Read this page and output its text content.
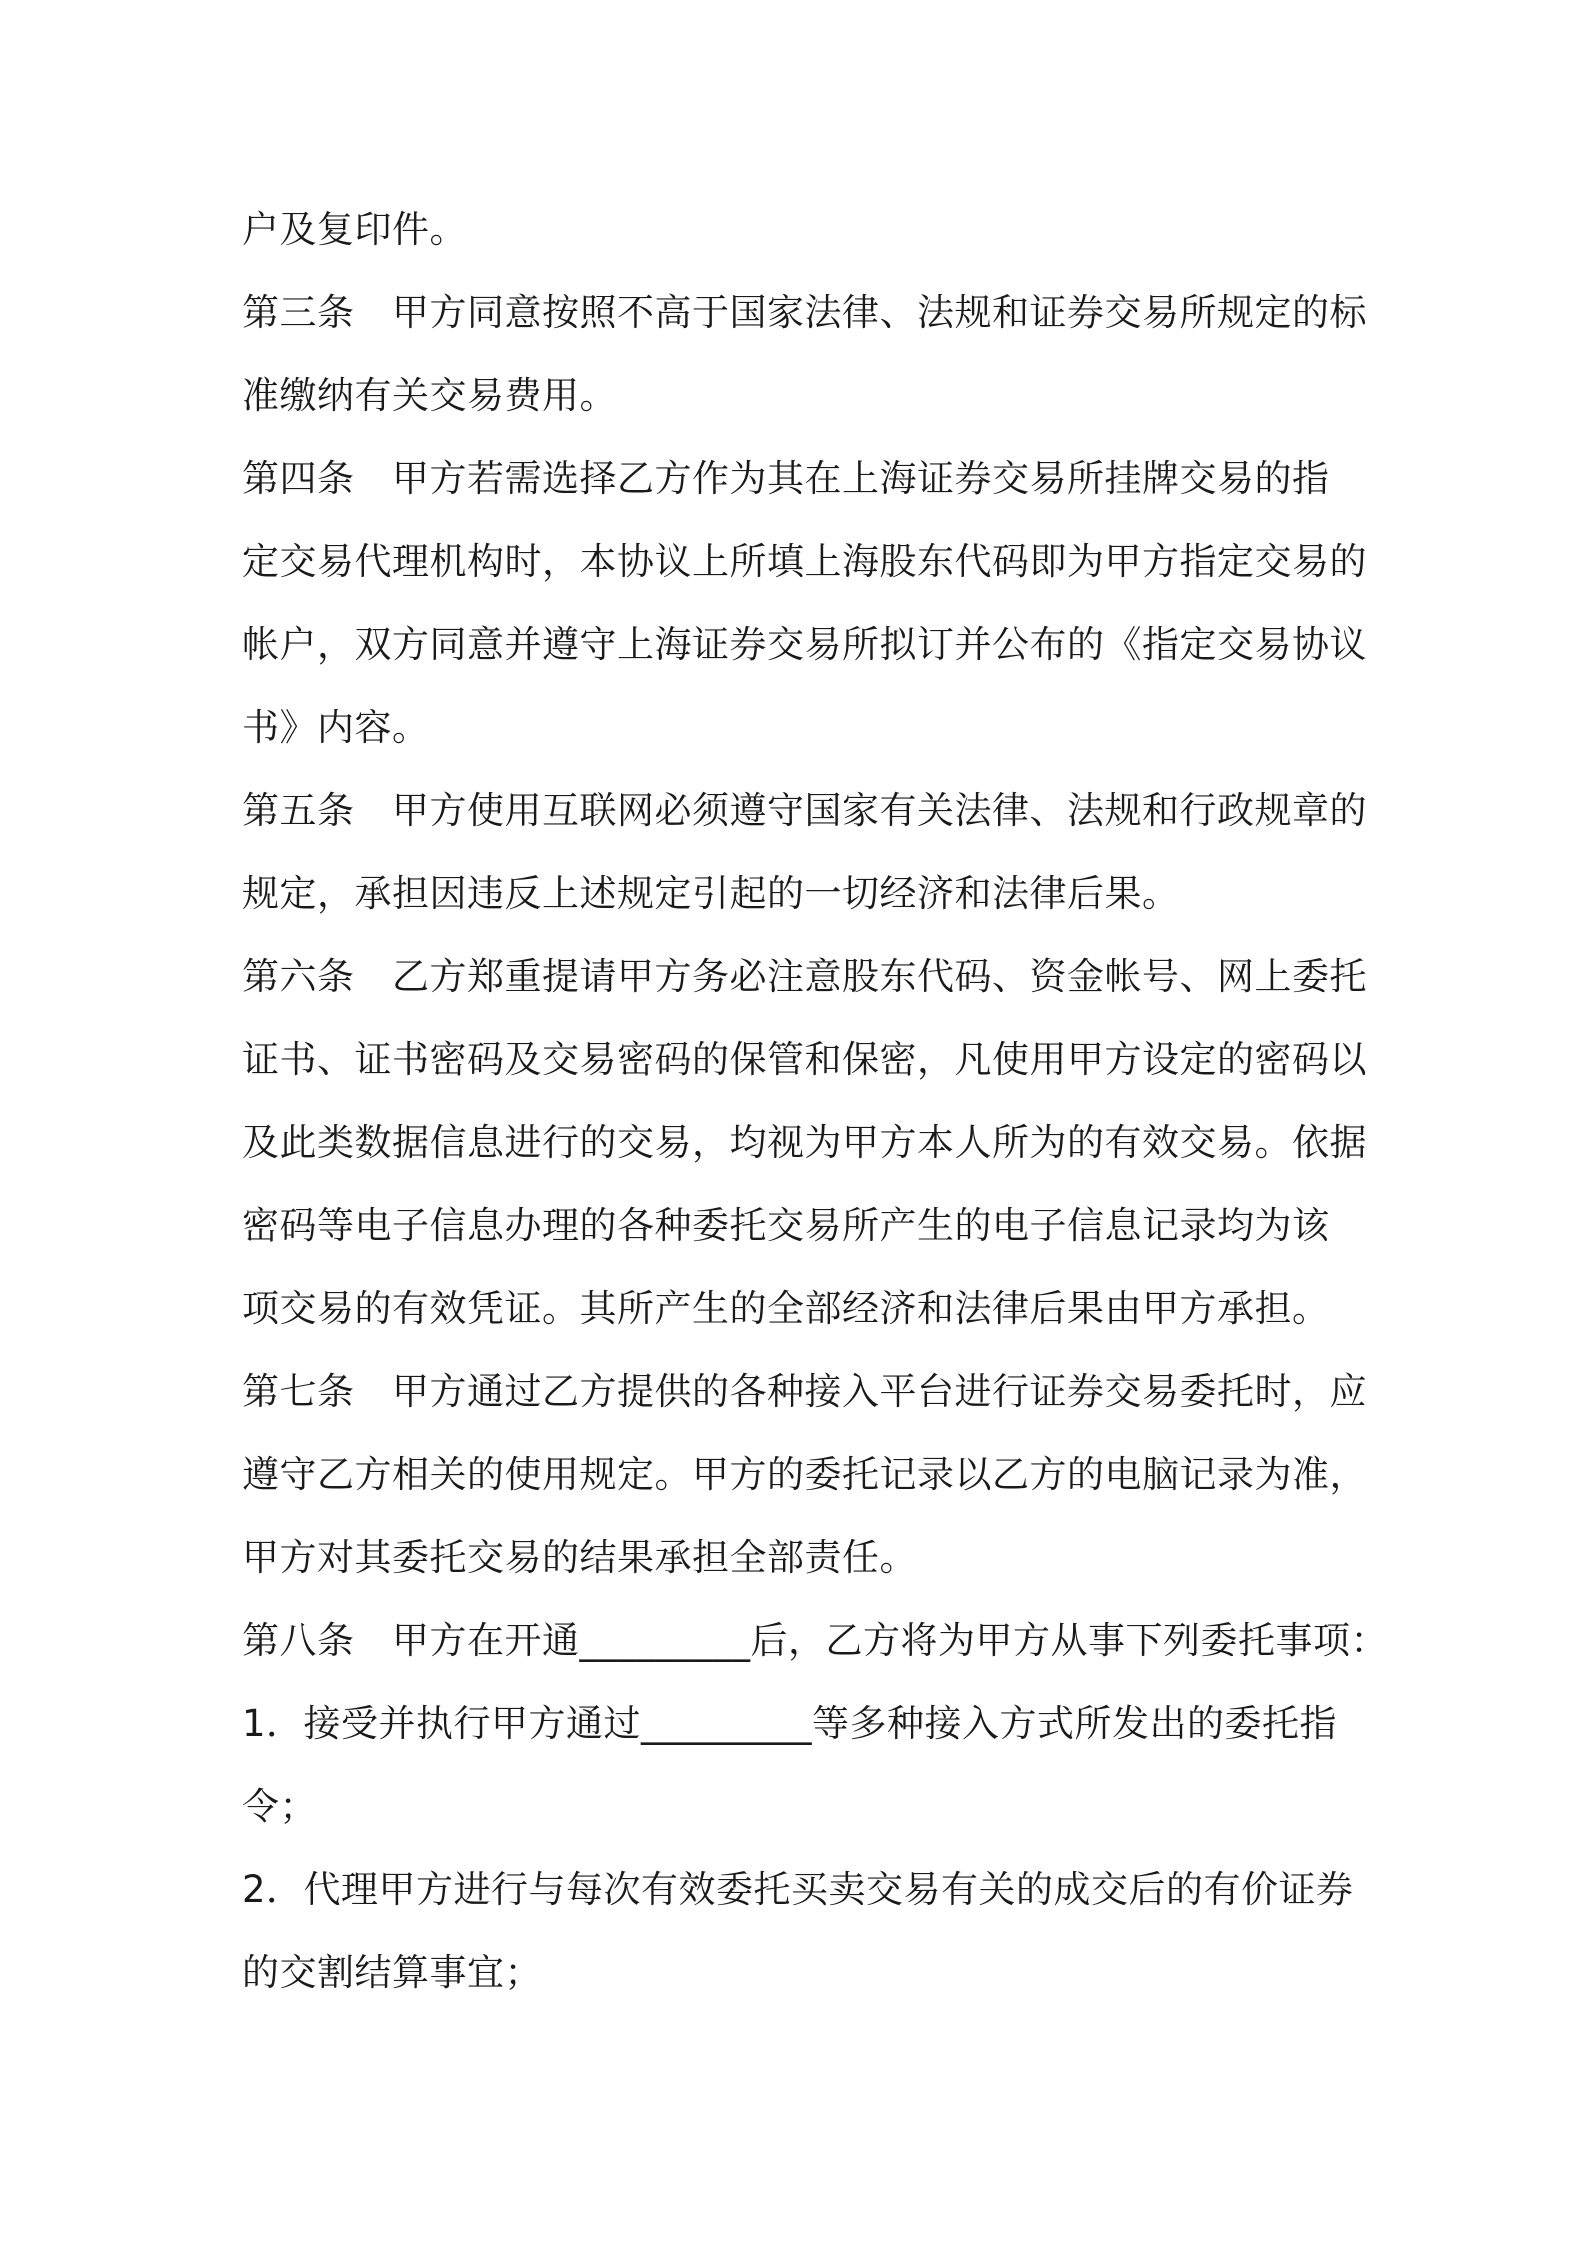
户及复印件。
第三条　甲方同意按照不高于国家法律、法规和证券交易所规定的标
准缴纳有关交易费用。
第四条　甲方若需选择乙方作为其在上海证券交易所挂牌交易的指
定交易代理机构时，本协议上所填上海股东代码即为甲方指定交易的
帐户，双方同意并遵守上海证券交易所拟订并公布的《指定交易协议
书》内容。
第五条　甲方使用互联网必须遵守国家有关法律、法规和行政规章的
规定，承担因违反上述规定引起的一切经济和法律后果。
第六条　乙方郑重提请甲方务必注意股东代码、资金帐号、网上委托
证书、证书密码及交易密码的保管和保密，凡使用甲方设定的密码以
及此类数据信息进行的交易，均视为甲方本人所为的有效交易。依据
密码等电子信息办理的各种委托交易所产生的电子信息记录均为该
项交易的有效凭证。其所产生的全部经济和法律后果由甲方承担。
第七条　甲方通过乙方提供的各种接入平台进行证券交易委托时，应
遵守乙方相关的使用规定。甲方的委托记录以乙方的电脑记录为准，
甲方对其委托交易的结果承担全部责任。
第八条　甲方在开通_________后，乙方将为甲方从事下列委托事项：
1．接受并执行甲方通过_________等多种接入方式所发出的委托指
令；
2．代理甲方进行与每次有效委托买卖交易有关的成交后的有价证券
的交割结算事宜；
